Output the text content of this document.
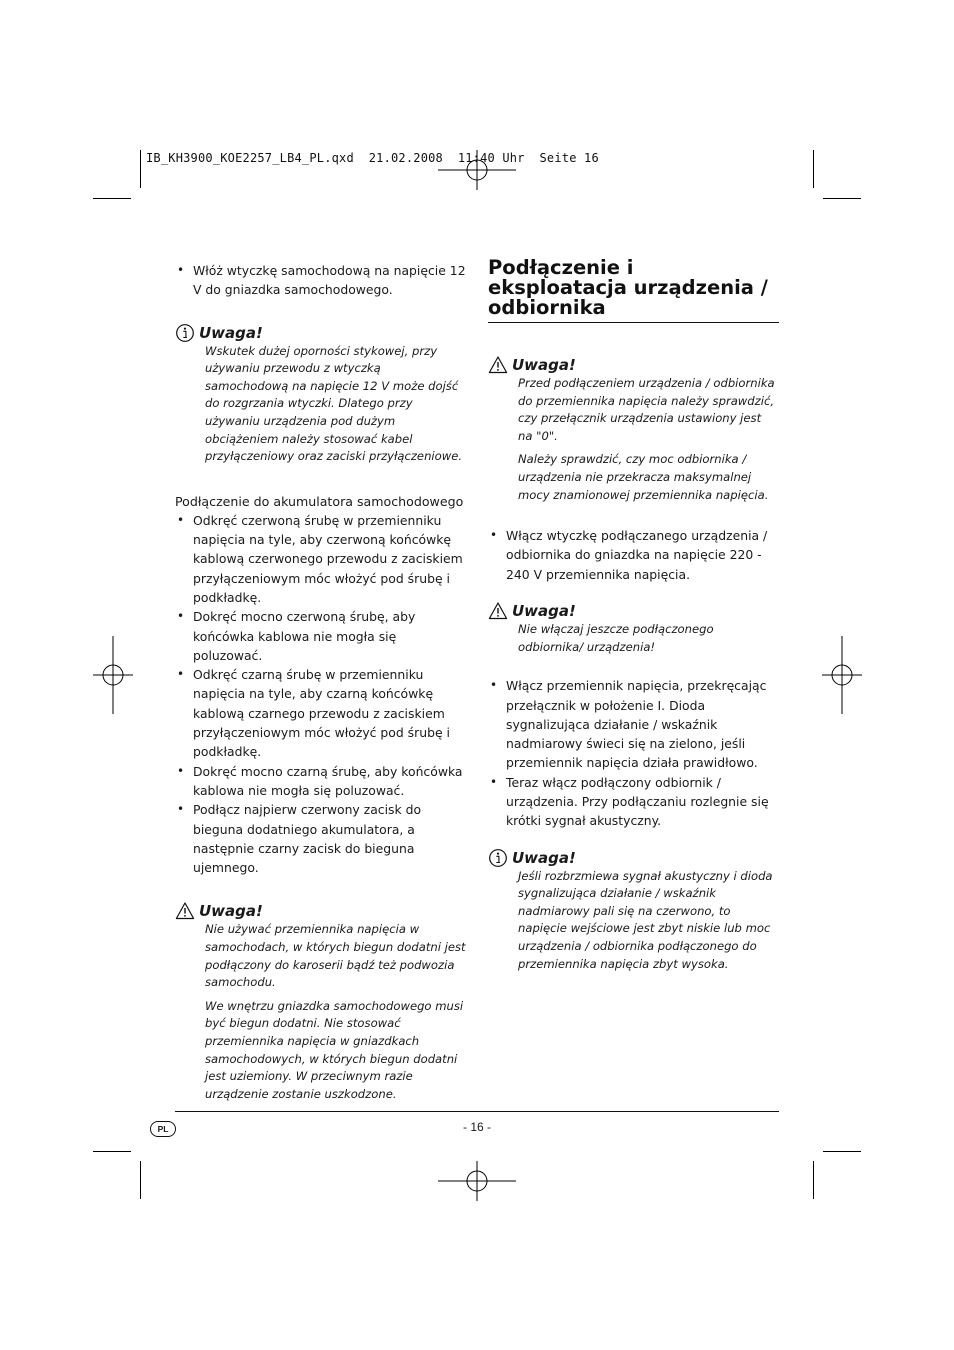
IB_KH3900_KOE2257_LB4_PL.qxd  21.02.2008  11:40 Uhr  Seite 16
• Włóż wtyczkę samochodową na napięcie 12 V do gniazdka samochodowego.
Uwaga!

Wskutek dużej oporności stykowej, przy używaniu przewodu z wtyczką samochodową na napięcie 12 V może dojść do rozgrzania wtyczki. Dlatego przy używaniu urządzenia pod dużym obciążeniem należy stosować kabel przyłączeniowy oraz zaciski przyłączeniowe.

Podłączenie do akumulatora samochodowego

• Odkręć czerwoną śrubę w przemienniku napięcia na tyle, aby czerwoną końcówkę kablową czerwonego przewodu z zaciskiem przyłączeniowym móc włożyć pod śrubę i podkładkę.
• Dokręć mocno czerwoną śrubę, aby końcówka kablowa nie mogła się poluzować.
• Odkręć czarną śrubę w przemienniku napięcia na tyle, aby czarną końcówkę kablową czarnego przewodu z zaciskiem przyłączeniowym móc włożyć pod śrubę i podkładkę.
• Dokręć mocno czarną śrubę, aby końcówka kablowa nie mogła się poluzować.
• Podłącz najpierw czerwony zacisk do bieguna dodatniego akumulatora, a następnie czarny zacisk do bieguna ujemnego.
Uwaga!

Nie używać przemiennika napięcia w samochodach, w których biegun dodatni jest podłączony do karoserii bądź też podwozia samochodu.

We wnętrzu gniazdka samochodowego musi być biegun dodatni. Nie stosować przemiennika napięcia w gniazdkach samochodowych, w których biegun dodatni jest uziemiony. W przeciwnym razie urządzenie zostanie uszkodzone.

Podłączenie i eksploatacja urządzenia / odbiornika
Uwaga!

Przed podłączeniem urządzenia / odbiornika do przemiennika napięcia należy sprawdzić, czy przełącznik urządzenia ustawiony jest na "0".

Należy sprawdzić, czy moc odbiornika / urządzenia nie przekracza maksymalnej mocy znamionowej przemiennika napięcia.

• Włącz wtyczkę podłączanego urządzenia / odbiornika do gniazdka na napięcie 220 - 240 V przemiennika napięcia.
Uwaga!

Nie włączaj jeszcze podłączonego odbiornika/ urządzenia!

• Włącz przemiennik napięcia, przekręcając przełącznik w położenie I. Dioda sygnalizująca działanie / wskaźnik nadmiarowy świeci się na zielono, jeśli przemiennik napięcia działa prawidłowo.
• Teraz włącz podłączony odbiornik / urządzenia. Przy podłączaniu rozlegnie się krótki sygnał akustyczny.
Uwaga!

Jeśli rozbrzmiewa sygnał akustyczny i dioda sygnalizująca działanie / wskaźnik nadmiarowy pali się na czerwono, to napięcie wejściowe jest zbyt niskie lub moc urządzenia / odbiornika podłączonego do przemiennika napięcia zbyt wysoka.

PL	- 16 -
